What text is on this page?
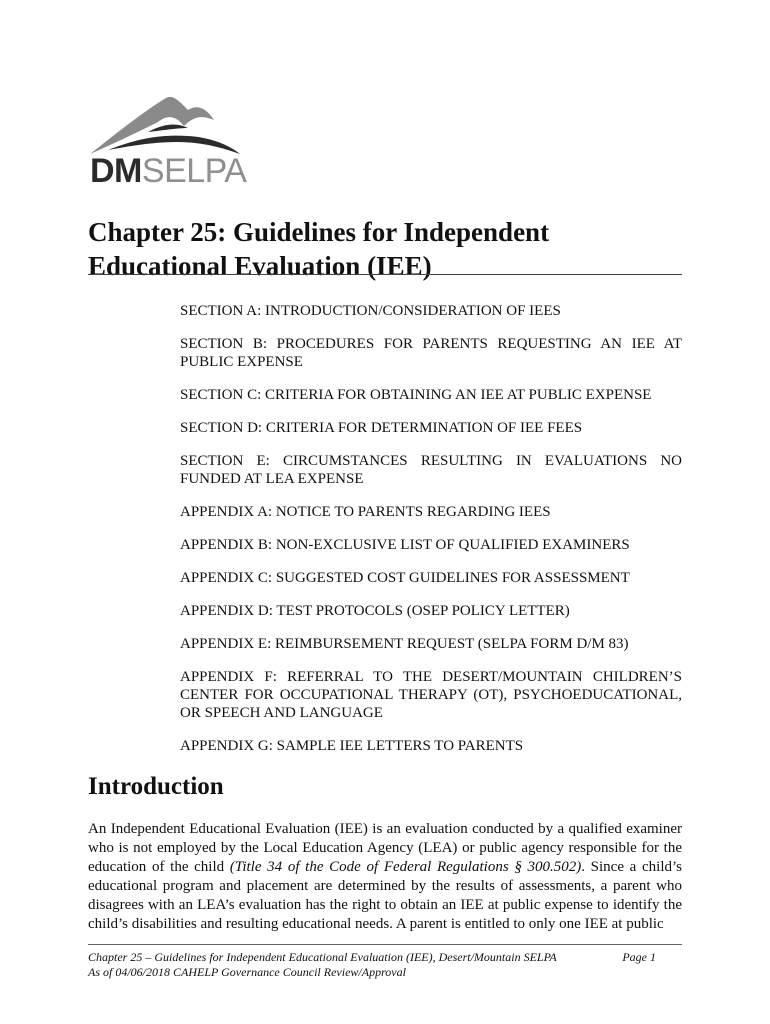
DMSELPA
Chapter 25: Guidelines for Independent Educational Evaluation (IEE)
SECTION A: INTRODUCTION/CONSIDERATION OF IEES
SECTION B: PROCEDURES FOR PARENTS REQUESTING AN IEE AT PUBLIC EXPENSE
SECTION C: CRITERIA FOR OBTAINING AN IEE AT PUBLIC EXPENSE
SECTION D: CRITERIA FOR DETERMINATION OF IEE FEES
SECTION E: CIRCUMSTANCES RESULTING IN EVALUATIONS NO FUNDED AT LEA EXPENSE
APPENDIX A: NOTICE TO PARENTS REGARDING IEES
APPENDIX B: NON-EXCLUSIVE LIST OF QUALIFIED EXAMINERS
APPENDIX C: SUGGESTED COST GUIDELINES FOR ASSESSMENT
APPENDIX D: TEST PROTOCOLS (OSEP POLICY LETTER)
APPENDIX E: REIMBURSEMENT REQUEST (SELPA FORM D/M 83)
APPENDIX F: REFERRAL TO THE DESERT/MOUNTAIN CHILDREN’S CENTER FOR OCCUPATIONAL THERAPY (OT), PSYCHOEDUCATIONAL, OR SPEECH AND LANGUAGE
APPENDIX G: SAMPLE IEE LETTERS TO PARENTS
Introduction

An Independent Educational Evaluation (IEE) is an evaluation conducted by a qualified examiner who is not employed by the Local Education Agency (LEA) or public agency responsible for the education of the child (Title 34 of the Code of Federal Regulations § 300.502). Since a child’s educational program and placement are determined by the results of assessments, a parent who disagrees with an LEA’s evaluation has the right to obtain an IEE at public expense to identify the child’s disabilities and resulting educational needs. A parent is entitled to only one IEE at public

Chapter 25 – Guidelines for Independent Educational Evaluation (IEE), Desert/Mountain SELPA
As of 04/06/2018 CAHELP Governance Council Review/Approval
Page 1
